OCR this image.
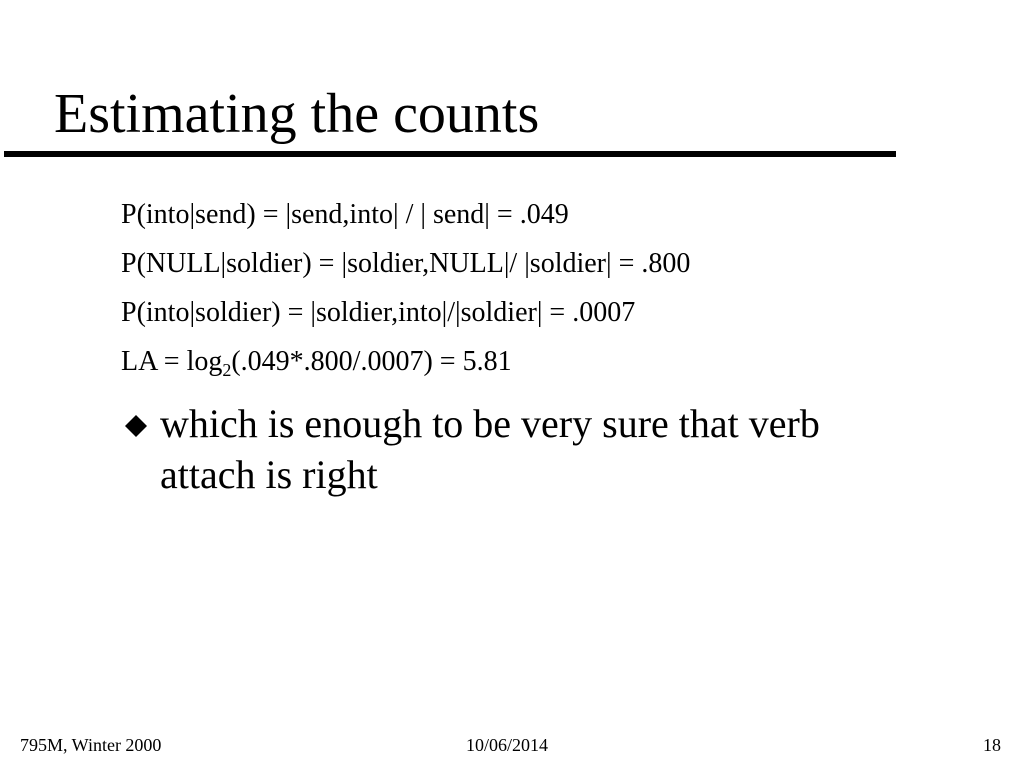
Estimating the counts
P(into|send) = |send,into| / | send| = .049
P(NULL|soldier) = |soldier,NULL|/ |soldier| = .800
P(into|soldier) = |soldier,into|/|soldier| = .0007
LA = $\log_2(.049*.800/.0007) = 5.81$
which is enough to be very sure that verb attach is right
795M, Winter 2000	10/06/2014	18
